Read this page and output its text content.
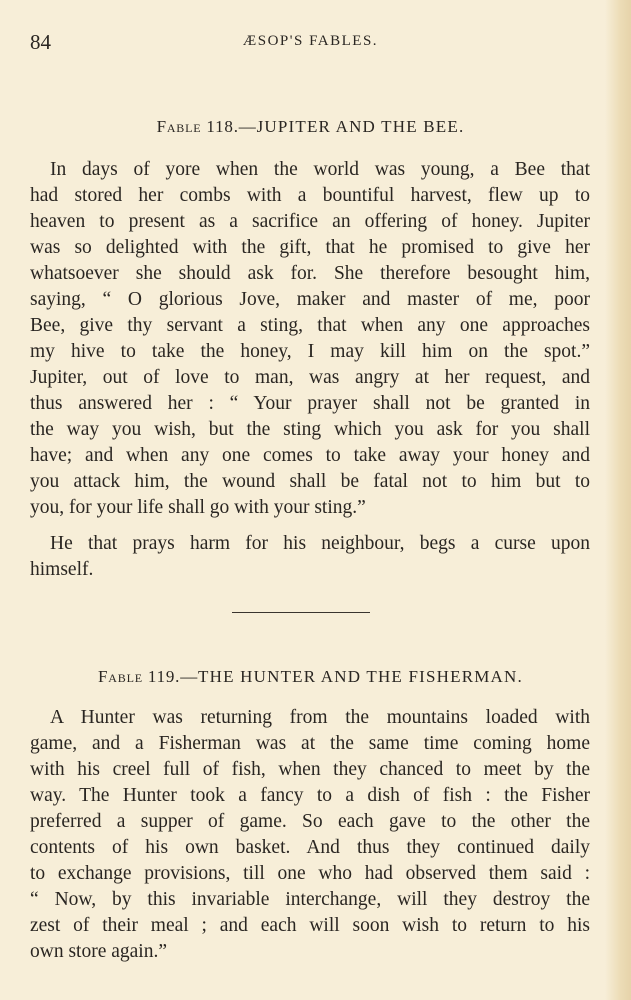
84	ÆSOP'S FABLES.
Fable 118.—JUPITER AND THE BEE.
In days of yore when the world was young, a Bee that
had stored her combs with a bountiful harvest, flew up to
heaven to present as a sacrifice an offering of honey. Jupiter
was so delighted with the gift, that he promised to give her
whatsoever she should ask for. She therefore besought him,
saying, “ O glorious Jove, maker and master of me, poor
Bee, give thy servant a sting, that when any one approaches
my hive to take the honey, I may kill him on the spot.”
Jupiter, out of love to man, was angry at her request, and
thus answered her : “ Your prayer shall not be granted in
the way you wish, but the sting which you ask for you shall
have; and when any one comes to take away your honey and
you attack him, the wound shall be fatal not to him but to
you, for your life shall go with your sting.”
He that prays harm for his neighbour, begs a curse upon
himself.
Fable 119.—THE HUNTER AND THE FISHERMAN.
A Hunter was returning from the mountains loaded with
game, and a Fisherman was at the same time coming home
with his creel full of fish, when they chanced to meet by the
way. The Hunter took a fancy to a dish of fish : the Fisher
preferred a supper of game. So each gave to the other the
contents of his own basket. And thus they continued daily
to exchange provisions, till one who had observed them said :
“ Now, by this invariable interchange, will they destroy the
zest of their meal ; and each will soon wish to return to his
own store again.”
